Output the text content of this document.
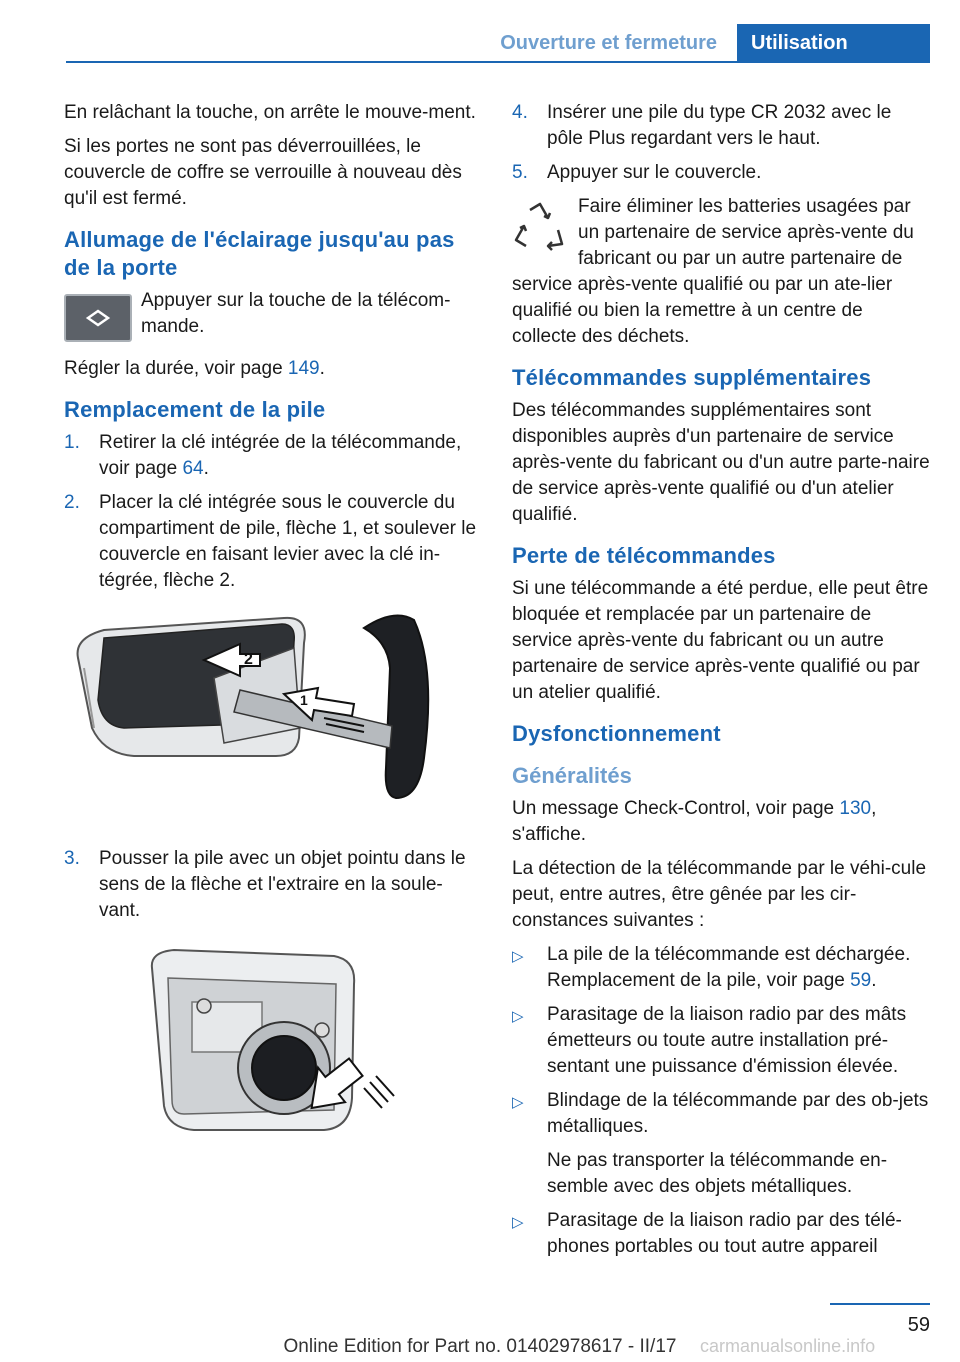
Ouverture et fermeture	Utilisation

En relâchant la touche, on arrête le mouve-ment.

Si les portes ne sont pas déverrouillées, le couvercle de coffre se verrouille à nouveau dès qu'il est fermé.

Allumage de l'éclairage jusqu'au pas de la porte
Appuyer sur la touche de la télécom-mande.

Régler la durée, voir page 149.

Remplacement de la pile
1.	Retirer la clé intégrée de la télécommande, voir page 64.
2.	Placer la clé intégrée sous le couvercle du compartiment de pile, flèche 1, et soulever le couvercle en faisant levier avec la clé in-tégrée, flèche 2.
2
1
3.	Pousser la pile avec un objet pointu dans le sens de la flèche et l'extraire en la soule-vant.
4.	Insérer une pile du type CR 2032 avec le pôle Plus regardant vers le haut.
5.	Appuyer sur le couvercle.
Faire éliminer les batteries usagées par un partenaire de service après-vente du fabricant ou par un autre partenaire de service après-vente qualifié ou par un ate-lier qualifié ou bien la remettre à un centre de collecte des déchets.
Télécommandes supplémentaires

Des télécommandes supplémentaires sont disponibles auprès d'un partenaire de service après-vente du fabricant ou d'un autre parte-naire de service après-vente qualifié ou d'un atelier qualifié.

Perte de télécommandes

Si une télécommande a été perdue, elle peut être bloquée et remplacée par un partenaire de service après-vente du fabricant ou un autre partenaire de service après-vente qualifié ou par un atelier qualifié.

Dysfonctionnement
Généralités

Un message Check-Control, voir page 130, s'affiche.

La détection de la télécommande par le véhi-cule peut, entre autres, être gênée par les cir-constances suivantes :

▷	La pile de la télécommande est déchargée.
Remplacement de la pile, voir page 59.
▷	Parasitage de la liaison radio par des mâts émetteurs ou toute autre installation pré-sentant une puissance d'émission élevée.
▷	Blindage de la télécommande par des ob-jets métalliques.
Ne pas transporter la télécommande en-semble avec des objets métalliques.
▷	Parasitage de la liaison radio par des télé-phones portables ou tout autre appareil
59
Online Edition for Part no. 01402978617 - II/17	carmanualsonline.info
